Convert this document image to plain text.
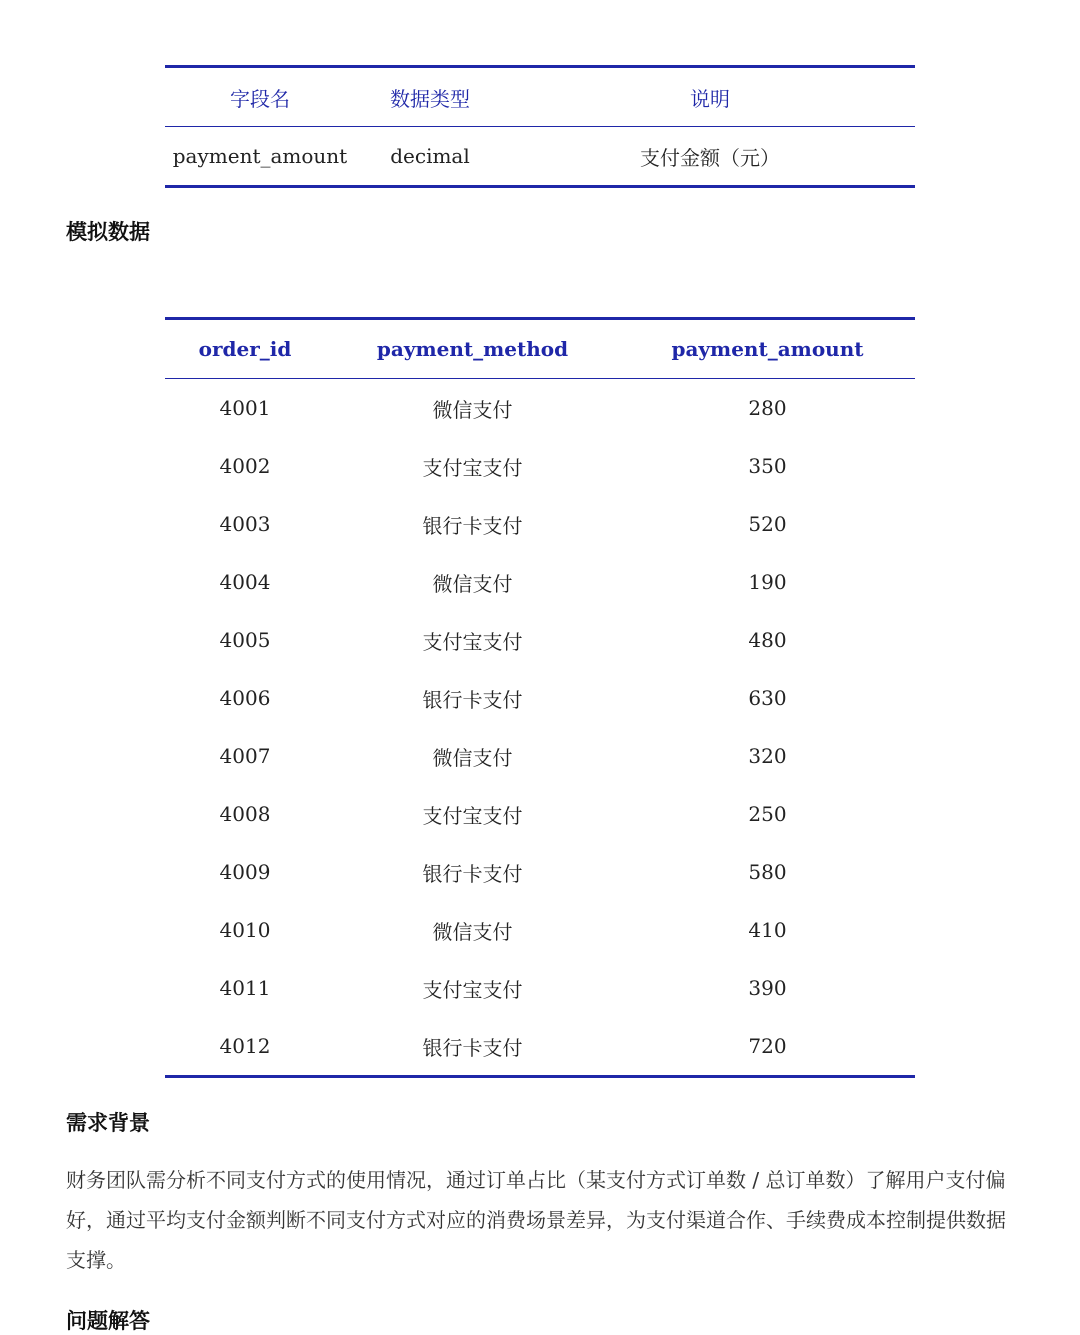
字段名	数据类型	说明
payment_amount	decimal	支付金额（元）
模拟数据
order_id	payment_method	payment_amount
4001	微信支付	280
4002	支付宝支付	350
4003	银行卡支付	520
4004	微信支付	190
4005	支付宝支付	480
4006	银行卡支付	630
4007	微信支付	320
4008	支付宝支付	250
4009	银行卡支付	580
4010	微信支付	410
4011	支付宝支付	390
4012	银行卡支付	720
需求背景

财务团队需分析不同支付方式的使用情况，通过订单占比（某支付方式订单数 / 总订单数）了解用户支付偏好，通过平均支付金额判断不同支付方式对应的消费场景差异，为支付渠道合作、手续费成本控制提供数据支撑。

问题解答
